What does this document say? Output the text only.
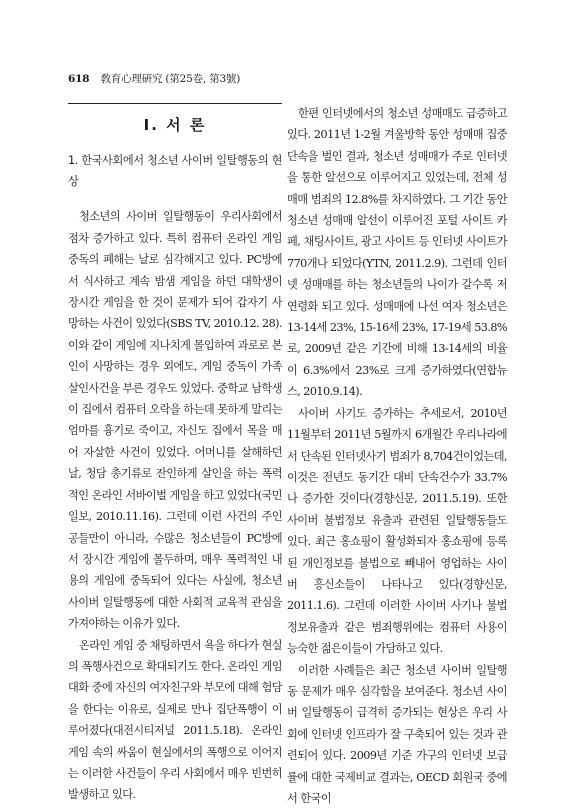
618 敎育心理硏究 (第25卷, 第3號)
Ⅰ. 서 론
1. 한국사회에서 청소년 사이버 일탈행동의 현상

청소년의 사이버 일탈행동이 우리사회에서 점차 증가하고 있다. 특히 컴퓨터 온라인 게임중독의 폐해는 날로 심각해지고 있다. PC방에서 식사하고 계속 밤샘 게임을 하던 대학생이 장시간 게임을 한 것이 문제가 되어 갑자기 사망하는 사건이 있었다(SBS TV, 2010.12. 28). 이와 같이 게임에 지나치게 몰입하여 과로로 본인이 사망하는 경우 외에도, 게임 중독이 가족 살인사건을 부른 경우도 있었다. 중학교 남학생이 집에서 컴퓨터 오락을 하는데 못하게 말리는 엄마를 흉기로 죽이고, 자신도 집에서 목을 매어 자살한 사건이 있었다. 어머니를 살해하던 날, 청담 총기류로 잔인하게 살인을 하는 폭력적인 온라인 서바이벌 게임을 하고 있었다(국민일보, 2010.11.16). 그런데 이런 사건의 주인공들만이 아니라, 수많은 청소년들이 PC방에서 장시간 게임에 몰두하며, 매우 폭력적인 내용의 게임에 중독되어 있다는 사실에, 청소년 사이버 일탈행동에 대한 사회적 교육적 관심을 가져야하는 이유가 있다.

온라인 게임 중 채팅하면서 욕을 하다가 현실의 폭행사건으로 확대되기도 한다. 온라인 게임 대화 중에 자신의 여자친구와 부모에 대해 험담을 한다는 이유로, 실제로 만나 집단폭행이 이루어졌다(대전시티저널 2011.5.18). 온라인 게임 속의 싸움이 현실에서의 폭행으로 이어지는 이러한 사건들이 우리 사회에서 매우 빈번히 발생하고 있다.

한편 인터넷에서의 청소년 성매매도 급증하고 있다. 2011년 1-2월 겨울방학 동안 성매매 집중단속을 벌인 결과, 청소년 성매매가 주로 인터넷을 통한 알선으로 이루어지고 있었는데, 전체 성매매 범죄의 12.8%를 차지하였다. 그 기간 동안 청소년 성매매 알선이 이루어진 포털 사이트 카페, 채팅사이트, 광고 사이트 등 인터넷 사이트가 770개나 되었다(YTN, 2011.2.9). 그런데 인터넷 성매매를 하는 청소년들의 나이가 갈수록 저연령화 되고 있다. 성매매에 나선 여자 청소년은 13-14세 23%, 15-16세 23%, 17-19세 53.8%로, 2009년 같은 기간에 비해 13-14세의 비율이 6.3%에서 23%로 크게 증가하였다(연합뉴스, 2010.9.14).

사이버 사기도 증가하는 추세로서, 2010년 11월부터 2011년 5월까지 6개월간 우리나라에서 단속된 인터넷사기 범죄가 8,704건이었는데, 이것은 전년도 동기간 대비 단속건수가 33.7%나 증가한 것이다(경향신문, 2011.5.19). 또한 사이버 불법정보 유출과 관련된 일탈행동들도 있다. 최근 홍쇼핑이 활성화되자 홍쇼핑에 등록된 개인정보를 불법으로 빼내어 영업하는 사이버 흥신소들이 나타나고 있다(경향신문, 2011.1.6). 그런데 이러한 사이버 사기나 불법정보유출과 같은 범죄행위에는 컴퓨터 사용이 능숙한 젊은이들이 가담하고 있다.

이러한 사례들은 최근 청소년 사이버 일탈행동 문제가 매우 심각함을 보여준다. 청소년 사이버 일탈행동이 급격히 증가되는 현상은 우리 사회에 인터넷 인프라가 잘 구축되어 있는 것과 관련되어 있다. 2009년 기준 가구의 인터넷 보급률에 대한 국제비교 결과는, OECD 회원국 중에서 한국이
